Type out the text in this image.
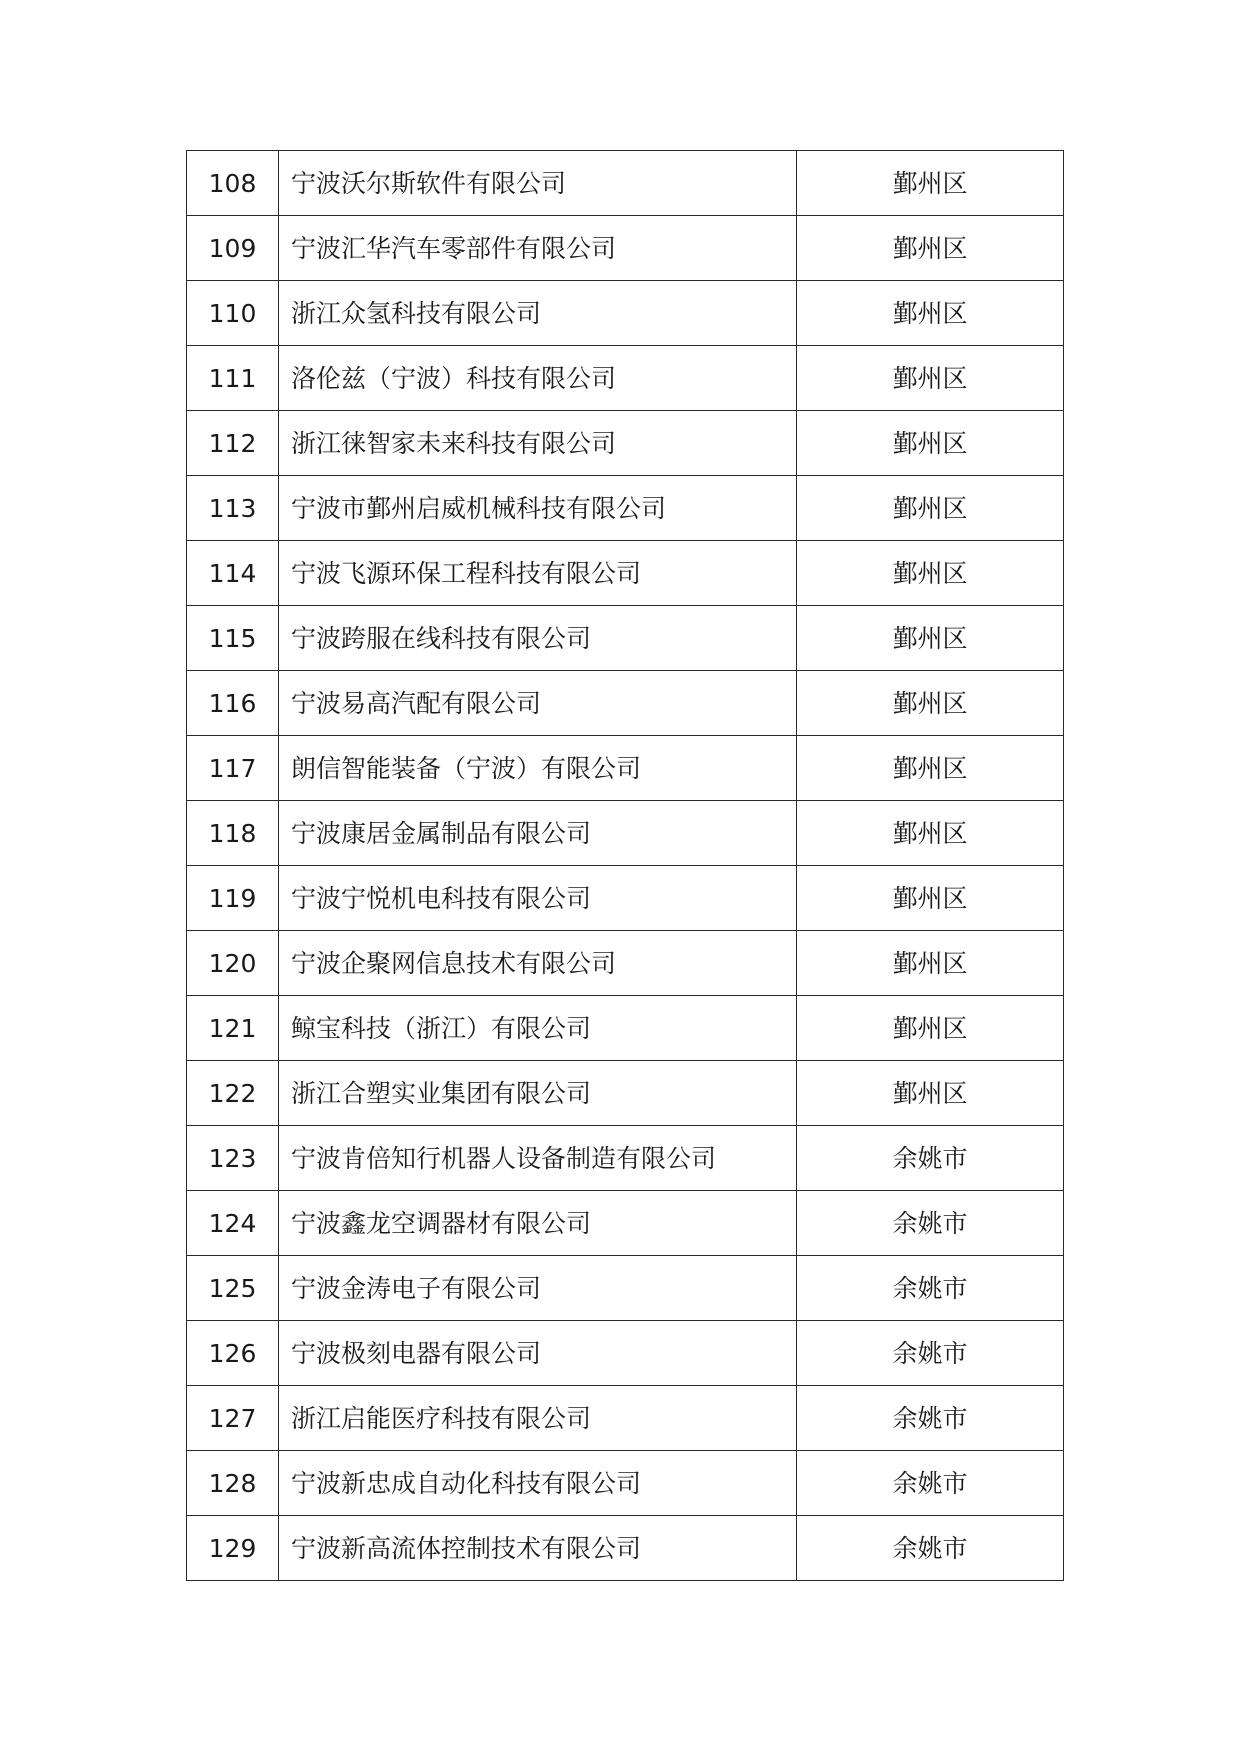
108	宁波沃尔斯软件有限公司	鄞州区
109	宁波汇华汽车零部件有限公司	鄞州区
110	浙江众氢科技有限公司	鄞州区
111	洛伦兹（宁波）科技有限公司	鄞州区
112	浙江徕智家未来科技有限公司	鄞州区
113	宁波市鄞州启威机械科技有限公司	鄞州区
114	宁波飞源环保工程科技有限公司	鄞州区
115	宁波跨服在线科技有限公司	鄞州区
116	宁波易高汽配有限公司	鄞州区
117	朗信智能装备（宁波）有限公司	鄞州区
118	宁波康居金属制品有限公司	鄞州区
119	宁波宁悦机电科技有限公司	鄞州区
120	宁波企聚网信息技术有限公司	鄞州区
121	鲸宝科技（浙江）有限公司	鄞州区
122	浙江合塑实业集团有限公司	鄞州区
123	宁波肯倍知行机器人设备制造有限公司	余姚市
124	宁波鑫龙空调器材有限公司	余姚市
125	宁波金涛电子有限公司	余姚市
126	宁波极刻电器有限公司	余姚市
127	浙江启能医疗科技有限公司	余姚市
128	宁波新忠成自动化科技有限公司	余姚市
129	宁波新高流体控制技术有限公司	余姚市
